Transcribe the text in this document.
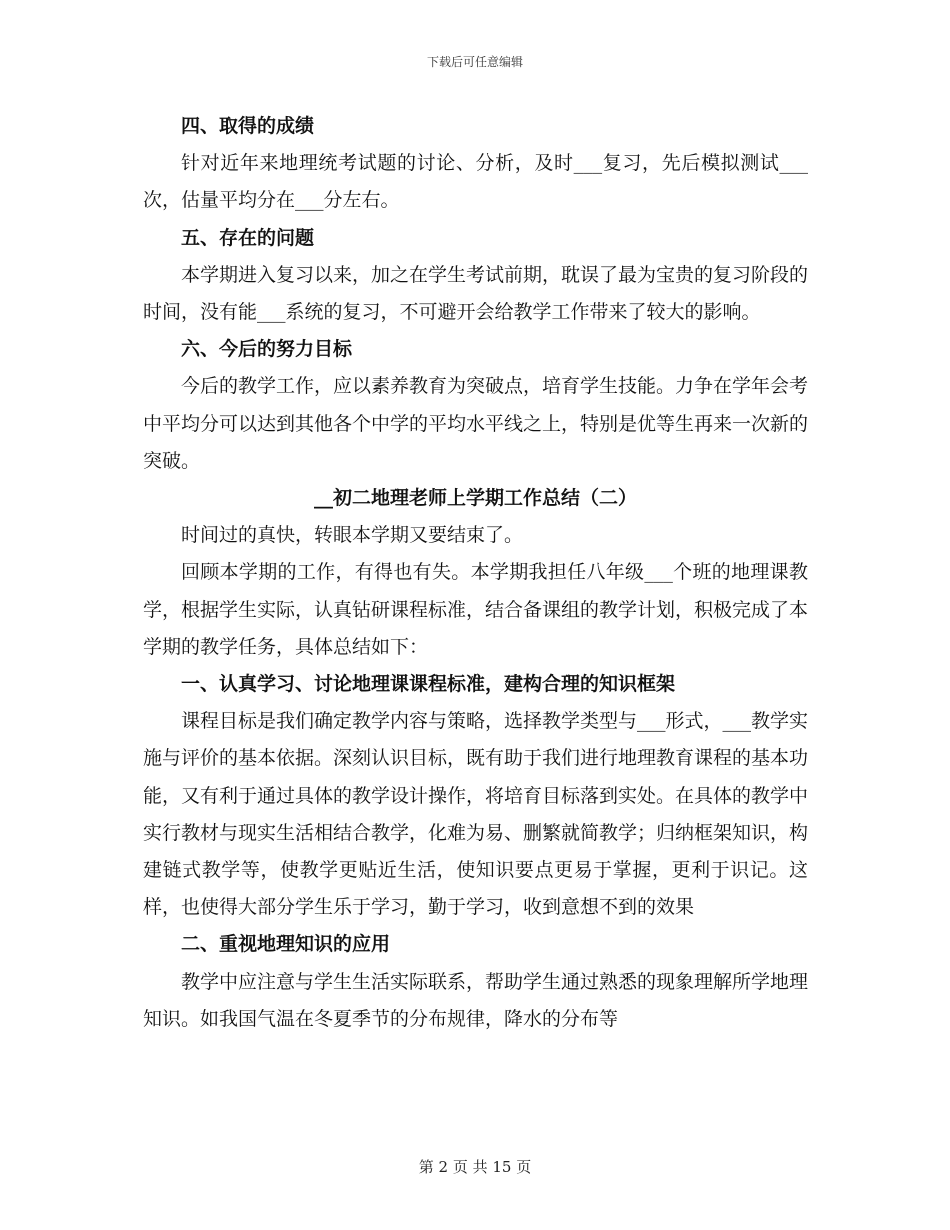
下载后可任意编辑

四、取得的成绩

针对近年来地理统考试题的讨论、分析，及时___复习，先后模拟测试___次，估量平均分在___分左右。

五、存在的问题

本学期进入复习以来，加之在学生考试前期，耽误了最为宝贵的复习阶段的时间，没有能___系统的复习，不可避开会给教学工作带来了较大的影响。

六、今后的努力目标

今后的教学工作，应以素养教育为突破点，培育学生技能。力争在学年会考中平均分可以达到其他各个中学的平均水平线之上，特别是优等生再来一次新的突破。

__初二地理老师上学期工作总结（二）

时间过的真快，转眼本学期又要结束了。

回顾本学期的工作，有得也有失。本学期我担任八年级___个班的地理课教学，根据学生实际，认真钻研课程标准，结合备课组的教学计划，积极完成了本学期的教学任务，具体总结如下：

一、认真学习、讨论地理课课程标准，建构合理的知识框架

课程目标是我们确定教学内容与策略，选择教学类型与___形式，___教学实施与评价的基本依据。深刻认识目标，既有助于我们进行地理教育课程的基本功能，又有利于通过具体的教学设计操作，将培育目标落到实处。在具体的教学中实行教材与现实生活相结合教学，化难为易、删繁就简教学；归纳框架知识，构建链式教学等，使教学更贴近生活，使知识要点更易于掌握，更利于识记。这样，也使得大部分学生乐于学习，勤于学习，收到意想不到的效果

二、重视地理知识的应用

教学中应注意与学生生活实际联系，帮助学生通过熟悉的现象理解所学地理知识。如我国气温在冬夏季节的分布规律，降水的分布等

第 2 页 共 15 页
